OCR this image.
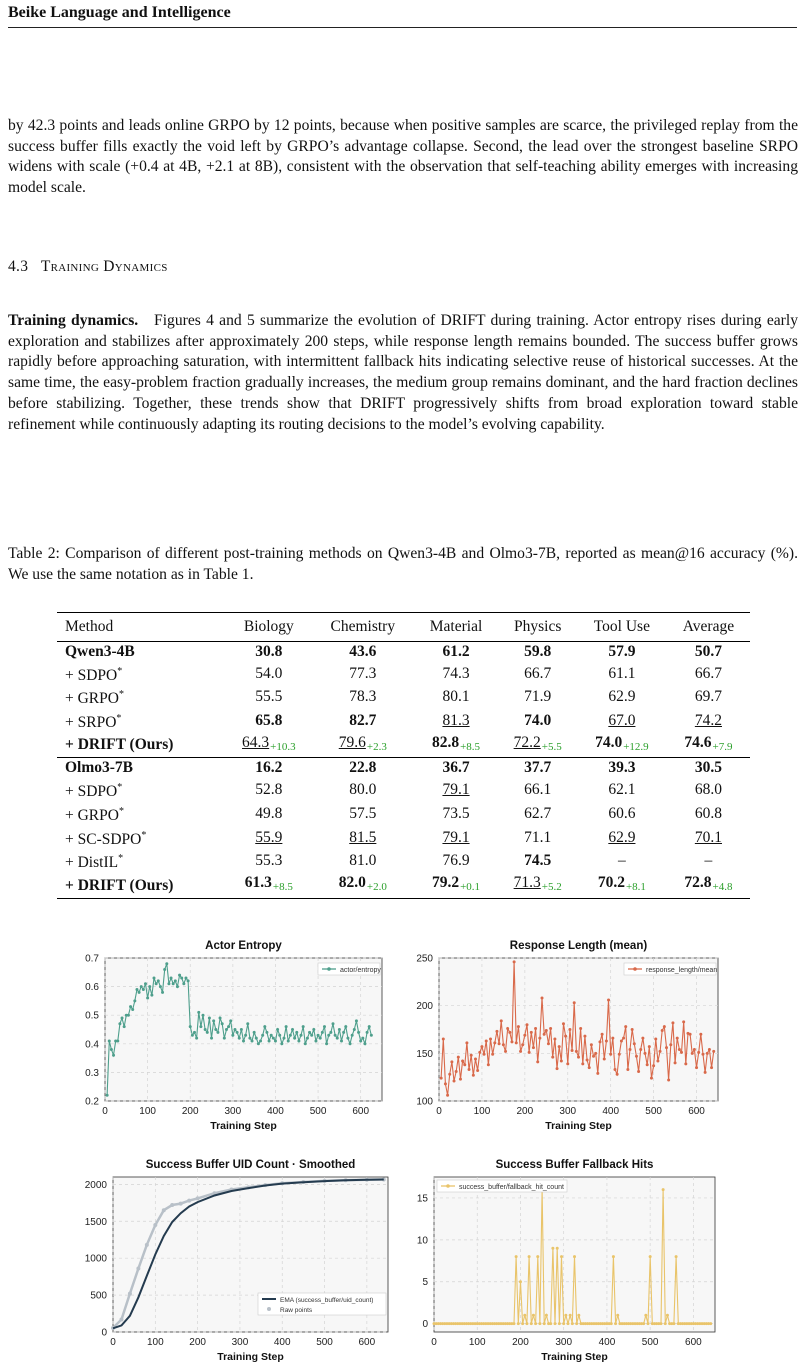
Beike Language and Intelligence

by 42.3 points and leads online GRPO by 12 points, because when positive samples are scarce, the privileged replay from the success buffer fills exactly the void left by GRPO’s advantage collapse. Second, the lead over the strongest baseline SRPO widens with scale (+0.4 at 4B, +2.1 at 8B), consistent with the observation that self-teaching ability emerges with increasing model scale.

4.3 Training Dynamics

Training dynamics. Figures 4 and 5 summarize the evolution of DRIFT during training. Actor entropy rises during early exploration and stabilizes after approximately 200 steps, while response length remains bounded. The success buffer grows rapidly before approaching saturation, with intermittent fallback hits indicating selective reuse of historical successes. At the same time, the easy-problem fraction gradually increases, the medium group remains dominant, and the hard fraction declines before stabilizing. Together, these trends show that DRIFT progressively shifts from broad exploration toward stable refinement while continuously adapting its routing decisions to the model’s evolving capability.

Table 2: Comparison of different post-training methods on Qwen3-4B and Olmo3-7B, reported as mean@16 accuracy (%). We use the same notation as in Table 1.

Method	Biology	Chemistry	Material	Physics	Tool Use	Average
Qwen3-4B	30.8	43.6	61.2	59.8	57.9	50.7
+ SDPO*	54.0	77.3	74.3	66.7	61.1	66.7
+ GRPO*	55.5	78.3	80.1	71.9	62.9	69.7
+ SRPO*	65.8	82.7	81.3	74.0	67.0	74.2
+ DRIFT (Ours)	$64.3_{+10.3}$	$79.6_{+2.3}$	$82.8_{+8.5}$	$72.2_{+5.5}$	$74.0_{+12.9}$	$74.6_{+7.9}$
Olmo3-7B	16.2	22.8	36.7	37.7	39.3	30.5
+ SDPO*	52.8	80.0	79.1	66.1	62.1	68.0
+ GRPO*	49.8	57.5	73.5	62.7	60.6	60.8
+ SC-SDPO*	55.9	81.5	79.1	71.1	62.9	70.1
+ DistIL*	55.3	81.0	76.9	74.5	–	–
+ DRIFT (Ours)	$61.3_{+8.5}$	$82.0_{+2.0}$	$79.2_{+0.1}$	$71.3_{+5.2}$	$70.2_{+8.1}$	$72.8_{+4.8}$
0	100	200	300	400	500	600
0.2
0.3
0.4
0.5
0.6
0.7
Actor Entropy
Training Step
actor/entropy
0	100	200	300	400	500	600
100
150
200
250
Response Length (mean)
Training Step
response_length/mean
0	100	200	300	400	500	600
0
500
1000
1500
2000
Success Buffer UID Count · Smoothed
Training Step
EMA (success_buffer/uid_count)
Raw points
0	100	200	300	400	500	600
0
5
10
15
Success Buffer Fallback Hits
Training Step
success_buffer/fallback_hit_count
